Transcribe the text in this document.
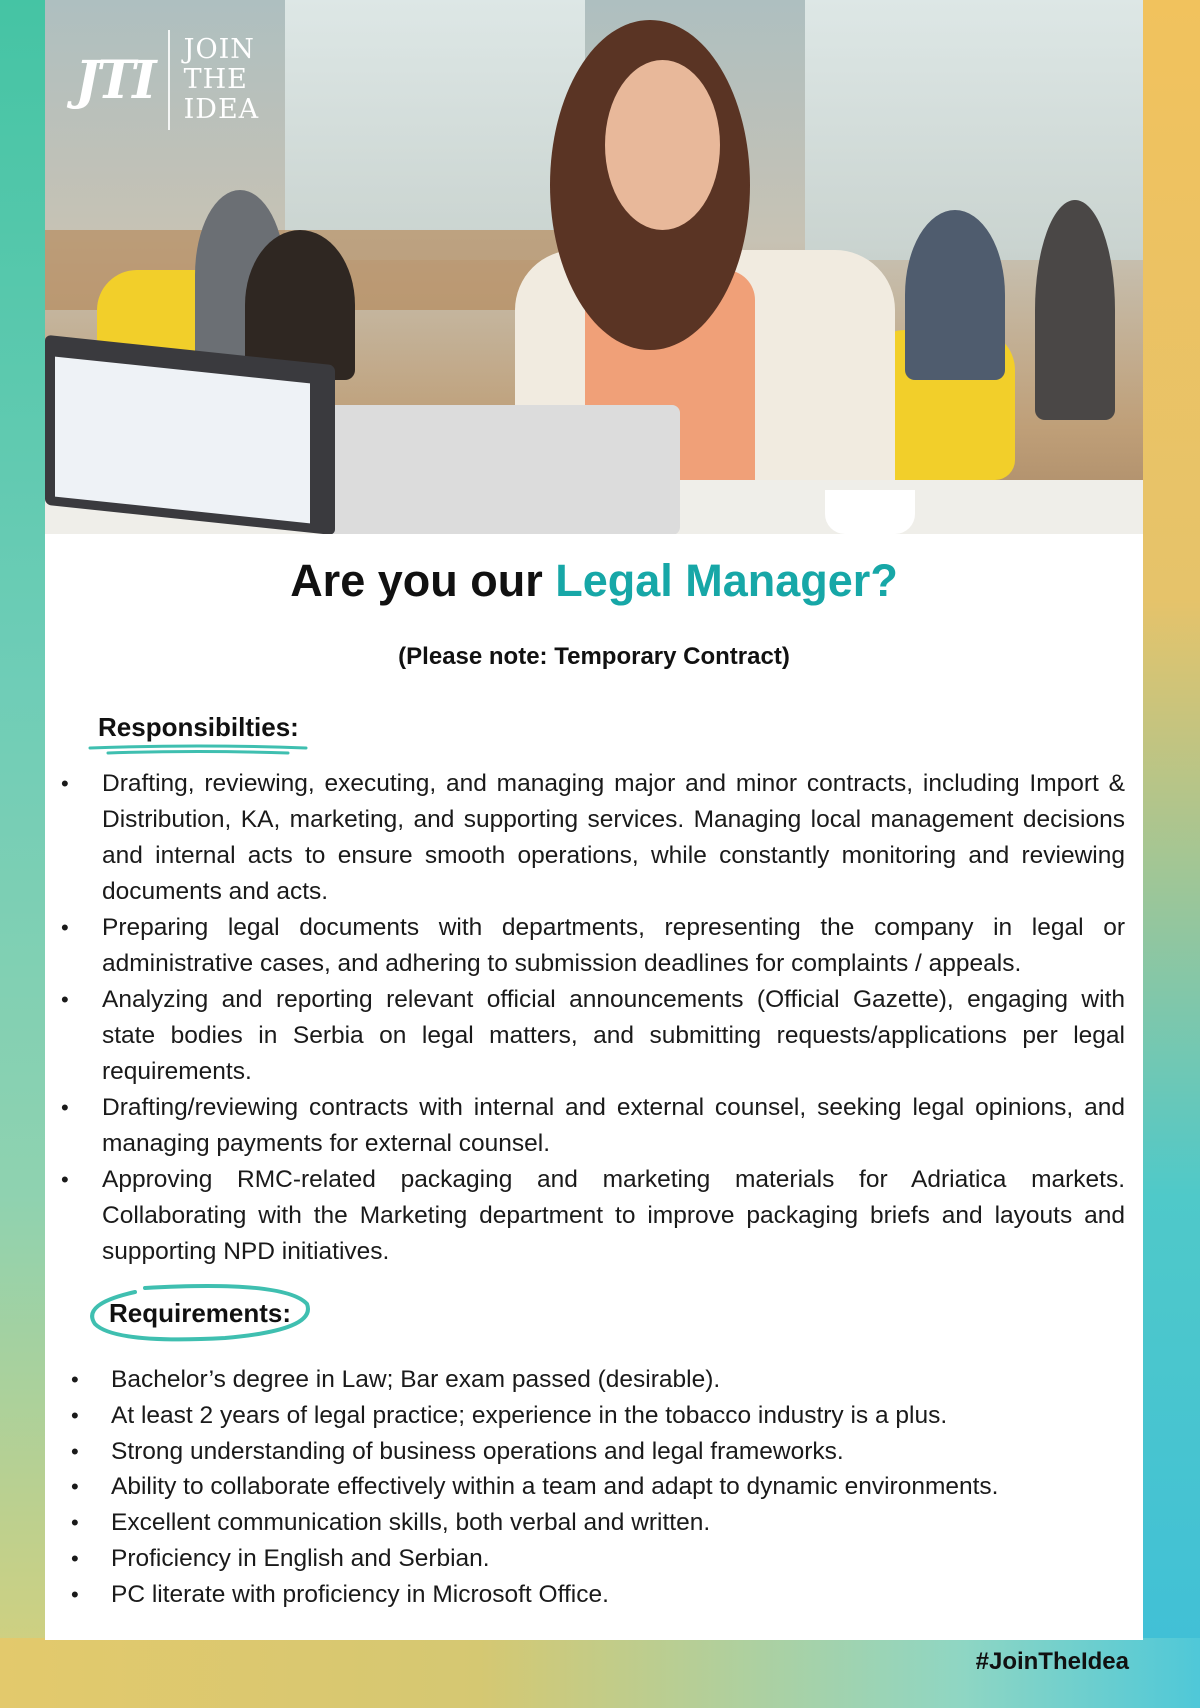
JTI JOIN
THE
IDEA
Are you our Legal Manager?
(Please note: Temporary Contract)
Responsibilties:
• Drafting, reviewing, executing, and managing major and minor contracts, including Import & Distribution, KA, marketing, and supporting services. Managing local management decisions and internal acts to ensure smooth operations, while constantly monitoring and reviewing documents and acts.
• Preparing legal documents with departments, representing the company in legal or administrative cases, and adhering to submission deadlines for complaints / appeals.
• Analyzing and reporting relevant official announcements (Official Gazette), engaging with state bodies in Serbia on legal matters, and submitting requests/applications per legal requirements.
• Drafting/reviewing contracts with internal and external counsel, seeking legal opinions, and managing payments for external counsel.
• Approving RMC-related packaging and marketing materials for Adriatica markets. Collaborating with the Marketing department to improve packaging briefs and layouts and supporting NPD initiatives.
Requirements:
• Bachelor’s degree in Law; Bar exam passed (desirable).
• At least 2 years of legal practice; experience in the tobacco industry is a plus.
• Strong understanding of business operations and legal frameworks.
• Ability to collaborate effectively within a team and adapt to dynamic environments.
• Excellent communication skills, both verbal and written.
• Proficiency in English and Serbian.
• PC literate with proficiency in Microsoft Office.
#JoinTheIdea
